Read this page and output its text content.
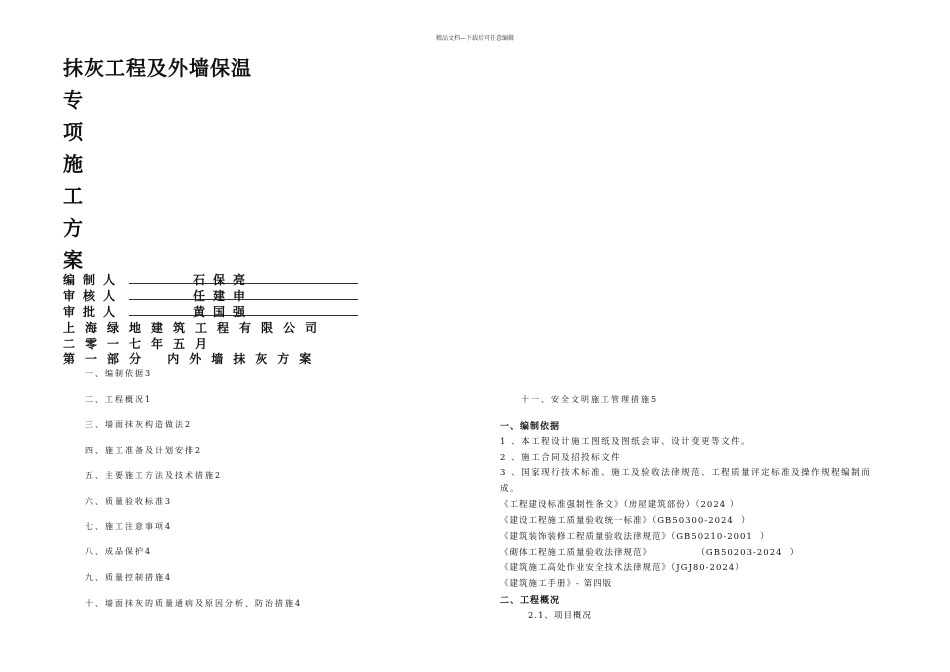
精品文档---下载后可任意编辑
抹灰工程及外墙保温
专
项
施
工
方
案
编制人	石保亮
审核人	任建申
审批人	黄国强
上海绿地建筑工程有限公司
二零一七年五月
第一部分 内外墙抹灰方案
一、编制依据3
二、工程概况1
三、墙面抹灰构造做法2
四、施工准备及计划安排2
五、主要施工方法及技术措施2
六、质量验收标准3
七、施工注意事项4
八、成品保护4
九、质量控制措施4
十、墙面抹灰的质量通病及原因分析、防治措施4
十一、安全文明施工管理措施5
一、编制依据
1 、本工程设计施工图纸及图纸会审、设计变更等文件。
2 、施工合同及招投标文件
3 、国家现行技术标准、施工及验收法律规范、工程质量评定标准及操作规程编制而
成。
《工程建设标准强制性条文》（房屋建筑部份）（2024 ）
《建设工程施工质量验收统一标准》（GB50300-2024  ）
《建筑装饰装修工程质量验收法律规范》（GB50210-2001  ）
《砌体工程施工质量验收法律规范》            （GB50203-2024  ）
《建筑施工高处作业安全技术法律规范》（JGJ80-2024）
《建筑施工手册》- 第四版
二、工程概况
2.1、项目概况
